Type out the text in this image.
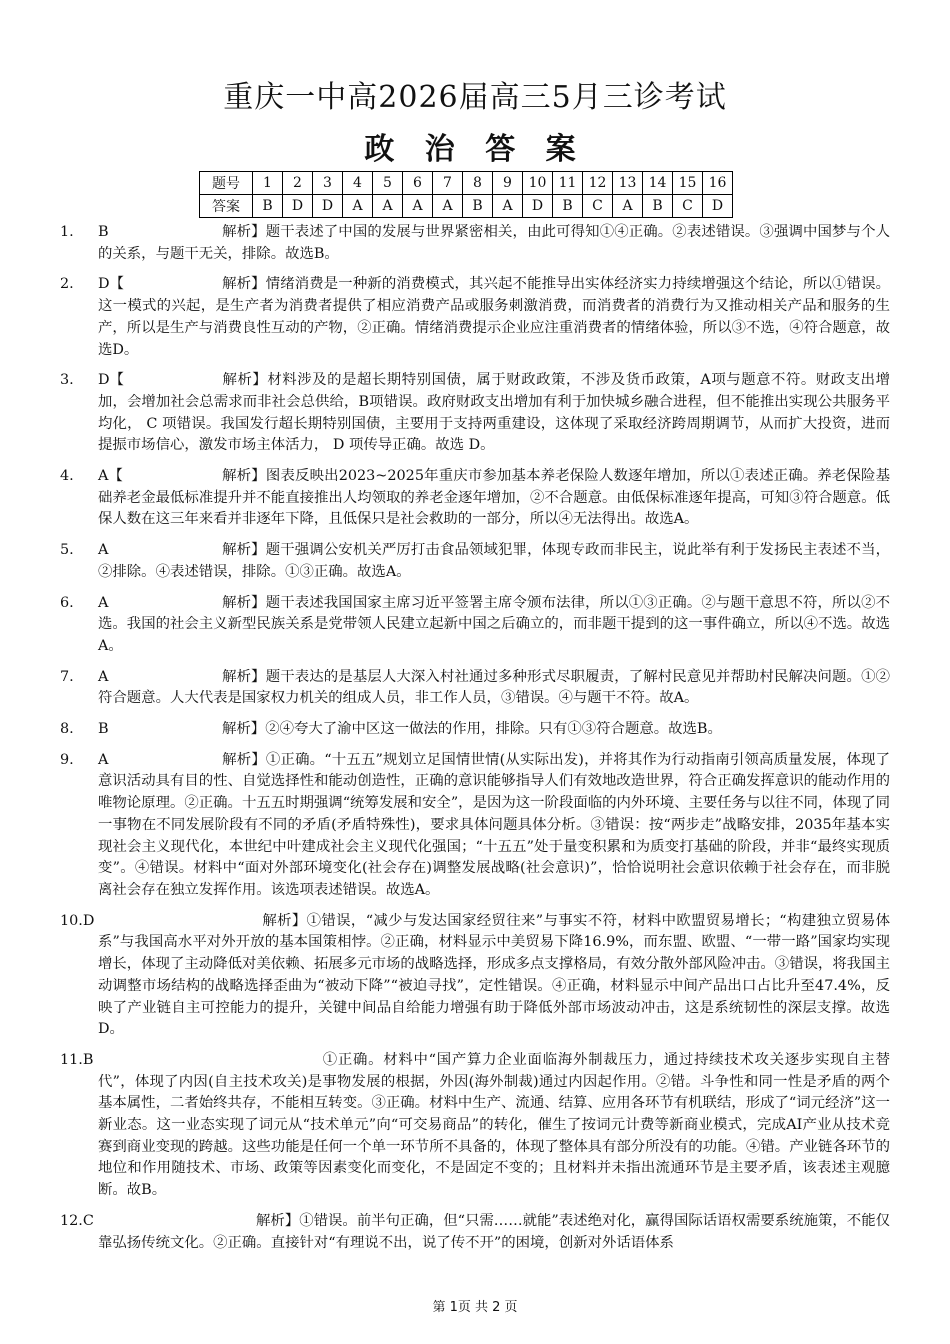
重庆一中高2026届高三5月三诊考试
政 治 答 案
题号	1	2	3	4	5	6	7	8	9	10	11	12	13	14	15	16
答案	B	D	D	A	A	A	A	B	A	D	B	C	A	B	C	D
1.	B	解析】题干表述了中国的发展与世界紧密相关，由此可得知①④正确。②表述错误。③强调中国梦与个人的关系，与题干无关，排除。故选B。
2.	D【	解析】情绪消费是一种新的消费模式，其兴起不能推导出实体经济实力持续增强这个结论，所以①错误。这一模式的兴起，是生产者为消费者提供了相应消费产品或服务刺激消费，而消费者的消费行为又推动相关产品和服务的生产，所以是生产与消费良性互动的产物，②正确。情绪消费提示企业应注重消费者的情绪体验，所以③不选，④符合题意，故选D。
3.	D【	解析】材料涉及的是超长期特别国债，属于财政政策，不涉及货币政策，A项与题意不符。财政支出增加，会增加社会总需求而非社会总供给，B项错误。政府财政支出增加有利于加快城乡融合进程，但不能推出实现公共服务平均化， C 项错误。我国发行超长期特别国债，主要用于支持两重建设，这体现了采取经济跨周期调节，从而扩大投资，进而提振市场信心，激发市场主体活力， D 项传导正确。故选 D。
4.	A【	解析】图表反映出2023~2025年重庆市参加基本养老保险人数逐年增加，所以①表述正确。养老保险基础养老金最低标准提升并不能直接推出人均领取的养老金逐年增加，②不合题意。由低保标准逐年提高，可知③符合题意。低保人数在这三年来看并非逐年下降，且低保只是社会救助的一部分，所以④无法得出。故选A。
5.	A	解析】题干强调公安机关严厉打击食品领域犯罪，体现专政而非民主，说此举有利于发扬民主表述不当，②排除。④表述错误，排除。①③正确。故选A。
6.	A	解析】题干表述我国国家主席习近平签署主席令颁布法律，所以①③正确。②与题干意思不符，所以②不选。我国的社会主义新型民族关系是党带领人民建立起新中国之后确立的，而非题干提到的这一事件确立，所以④不选。故选A。
7.	A	解析】题干表达的是基层人大深入村社通过多种形式尽职履责，了解村民意见并帮助村民解决问题。①②符合题意。人大代表是国家权力机关的组成人员，非工作人员，③错误。④与题干不符。故A。
8.	B	解析】②④夸大了渝中区这一做法的作用，排除。只有①③符合题意。故选B。
9.	A	解析】①正确。“十五五”规划立足国情世情(从实际出发)，并将其作为行动指南引领高质量发展，体现了意识活动具有目的性、自觉选择性和能动创造性，正确的意识能够指导人们有效地改造世界，符合正确发挥意识的能动作用的唯物论原理。②正确。十五五时期强调“统筹发展和安全”，是因为这一阶段面临的内外环境、主要任务与以往不同，体现了同一事物在不同发展阶段有不同的矛盾(矛盾特殊性)，要求具体问题具体分析。③错误：按“两步走”战略安排，2035年基本实现社会主义现代化，本世纪中叶建成社会主义现代化强国；“十五五”处于量变积累和为质变打基础的阶段，并非“最终实现质变”。④错误。材料中“面对外部环境变化(社会存在)调整发展战略(社会意识)”，恰恰说明社会意识依赖于社会存在，而非脱离社会存在独立发挥作用。该选项表述错误。故选A。
10.D	解析】①错误，“减少与发达国家经贸往来”与事实不符，材料中欧盟贸易增长；“构建独立贸易体系”与我国高水平对外开放的基本国策相悖。②正确，材料显示中美贸易下降16.9%，而东盟、欧盟、“一带一路”国家均实现增长，体现了主动降低对美依赖、拓展多元市场的战略选择，形成多点支撑格局，有效分散外部风险冲击。③错误，将我国主动调整市场结构的战略选择歪曲为“被动下降”“被迫寻找”，定性错误。④正确，材料显示中间产品出口占比升至47.4%，反映了产业链自主可控能力的提升，关键中间品自给能力增强有助于降低外部市场波动冲击，这是系统韧性的深层支撑。故选D。
11.B	①正确。材料中“国产算力企业面临海外制裁压力，通过持续技术攻关逐步实现自主替代”，体现了内因(自主技术攻关)是事物发展的根据，外因(海外制裁)通过内因起作用。②错。斗争性和同一性是矛盾的两个基本属性，二者始终共存，不能相互转变。③正确。材料中生产、流通、结算、应用各环节有机联结，形成了“词元经济”这一新业态。这一业态实现了词元从“技术单元”向“可交易商品”的转化，催生了按词元计费等新商业模式，完成AI产业从技术竞赛到商业变现的跨越。这些功能是任何一个单一环节所不具备的，体现了整体具有部分所没有的功能。④错。产业链各环节的地位和作用随技术、市场、政策等因素变化而变化，不是固定不变的；且材料并未指出流通环节是主要矛盾，该表述主观臆断。故B。
12.C	解析】①错误。前半句正确，但“只需……就能”表述绝对化，赢得国际话语权需要系统施策，不能仅靠弘扬传统文化。②正确。直接针对“有理说不出，说了传不开”的困境，创新对外话语体系
第 1页 共 2 页
